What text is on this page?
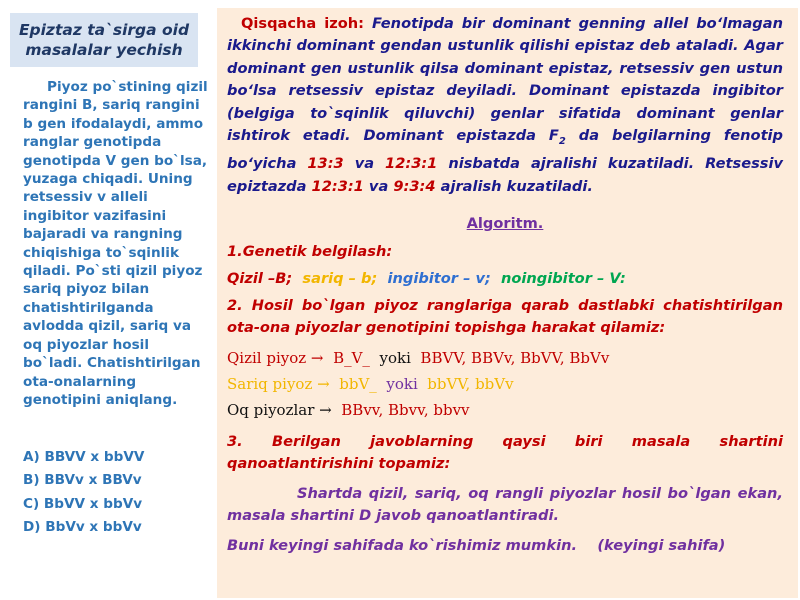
Epiztaz ta`sirga oid
masalalar yechish

Piyoz po`stining qizil rangini B, sariq rangini b gen ifodalaydi, ammo ranglar genotipda genotipda V gen bo`lsa, yuzaga chiqadi. Uning retsessiv v alleli ingibitor vazifasini bajaradi va rangning chiqishiga to`sqinlik qiladi. Po`sti qizil piyoz sariq piyoz bilan chatishtirilganda avlodda qizil, sariq va oq piyozlar hosil bo`ladi. Chatishtirilgan ota-onalarning genotipini aniqlang.

A) BBVV x bbVV
B) BBVv x BBVv
C) BbVV x bbVv
D) BbVv x bbVv
Qisqacha izoh: Fenotipda bir dominant genning allel bo‘lmagan ikkinchi dominant gendan ustunlik qilishi epistaz deb ataladi. Agar dominant gen ustunlik qilsa dominant epistaz, retsessiv gen ustun bo‘lsa retsessiv epistaz deyiladi. Dominant epistazda ingibitor (belgiga to`sqinlik qiluvchi) genlar sifatida dominant genlar ishtirok etadi. Dominant epistazda $F_2$ da belgilarning fenotip bo‘yicha 13:3 va 12:3:1 nisbatda ajralishi kuzatiladi. Retsessiv epiztazda 12:3:1 va 9:3:4 ajralish kuzatiladi.
Algoritm.
1.Genetik belgilash:
Qizil –B; sariq – b; ingibitor – v; noingibitor – V:
2. Hosil bo`lgan piyoz ranglariga qarab dastlabki chatishtirilgan ota-ona piyozlar genotipini topishga harakat qilamiz:
Qizil piyoz → B_V_ yoki BBVV, BBVv, BbVV, BbVv
Sariq piyoz → bbV_ yoki bbVV, bbVv
Oq piyozlar → BBvv, Bbvv, bbvv
3. Berilgan javoblarning qaysi biri masala shartini qanoatlantirishini topamiz:
Shartda qizil, sariq, oq rangli piyozlar hosil bo`lgan ekan, masala shartini D javob qanoatlantiradi.
Buni keyingi sahifada ko`rishimiz mumkin. (keyingi sahifa)
